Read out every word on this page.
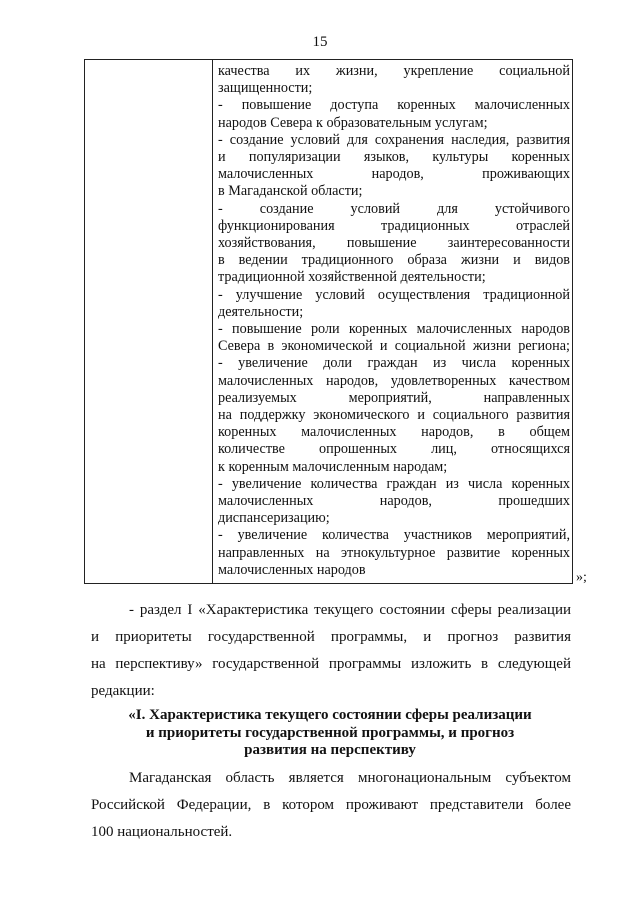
15
качества их жизни, укрепление социальной
защищенности;
- повышение доступа коренных малочисленных
народов Севера к образовательным услугам;
- создание условий для сохранения наследия, развития
и популяризации языков, культуры коренных
малочисленных народов, проживающих
в Магаданской области;
- создание условий для устойчивого
функционирования традиционных отраслей
хозяйствования, повышение заинтересованности
в ведении традиционного образа жизни и видов
традиционной хозяйственной деятельности;
- улучшение условий осуществления традиционной
деятельности;
- повышение роли коренных малочисленных народов
Севера в экономической и социальной жизни региона;
- увеличение доли граждан из числа коренных
малочисленных народов, удовлетворенных качеством
реализуемых мероприятий, направленных
на поддержку экономического и социального развития
коренных малочисленных народов, в общем
количестве опрошенных лиц, относящихся
к коренным малочисленным народам;
- увеличение количества граждан из числа коренных
малочисленных народов, прошедших
диспансеризацию;
- увеличение количества участников мероприятий,
направленных на этнокультурное развитие коренных
малочисленных народов	»;
- раздел I «Характеристика текущего состоянии сферы реализации
и приоритеты государственной программы, и прогноз развития
на перспективу» государственной программы изложить в следующей
редакции:
«I. Характеристика текущего состоянии сферы реализации
и приоритеты государственной программы, и прогноз
развития на перспективу
Магаданская область является многонациональным субъектом
Российской Федерации, в котором проживают представители более
100 национальностей.
